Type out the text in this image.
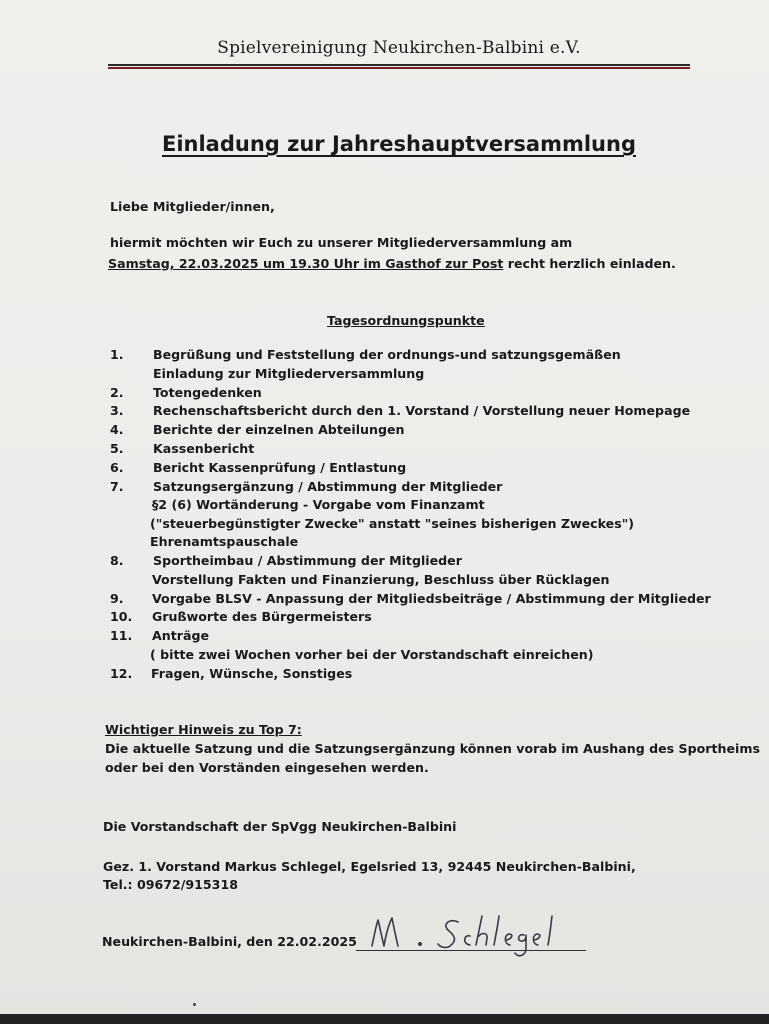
Spielvereinigung Neukirchen-Balbini e.V.
Einladung zur Jahreshauptversammlung
Liebe Mitglieder/innen,
hiermit möchten wir Euch zu unserer Mitgliederversammlung am
Samstag, 22.03.2025 um 19.30 Uhr im Gasthof zur Post recht herzlich einladen.
Tagesordnungspunkte
1. Begrüßung und Feststellung der ordnungs-und satzungsgemäßen
Einladung zur Mitgliederversammlung
2. Totengedenken
3. Rechenschaftsbericht durch den 1. Vorstand / Vorstellung neuer Homepage
4. Berichte der einzelnen Abteilungen
5. Kassenbericht
6. Bericht Kassenprüfung / Entlastung
7. Satzungsergänzung / Abstimmung der Mitglieder
§2 (6) Wortänderung - Vorgabe vom Finanzamt
("steuerbegünstigter Zwecke" anstatt "seines bisherigen Zweckes")
Ehrenamtspauschale
8. Sportheimbau / Abstimmung der Mitglieder
Vorstellung Fakten und Finanzierung, Beschluss über Rücklagen
9. Vorgabe BLSV - Anpassung der Mitgliedsbeiträge / Abstimmung der Mitglieder
10. Grußworte des Bürgermeisters
11. Anträge
( bitte zwei Wochen vorher bei der Vorstandschaft einreichen)
12. Fragen, Wünsche, Sonstiges
Wichtiger Hinweis zu Top 7:
Die aktuelle Satzung und die Satzungsergänzung können vorab im Aushang des Sportheims
oder bei den Vorständen eingesehen werden.
Die Vorstandschaft der SpVgg Neukirchen-Balbini
Gez. 1. Vorstand Markus Schlegel, Egelsried 13, 92445 Neukirchen-Balbini,
Tel.: 09672/915318
Neukirchen-Balbini, den 22.02.2025
